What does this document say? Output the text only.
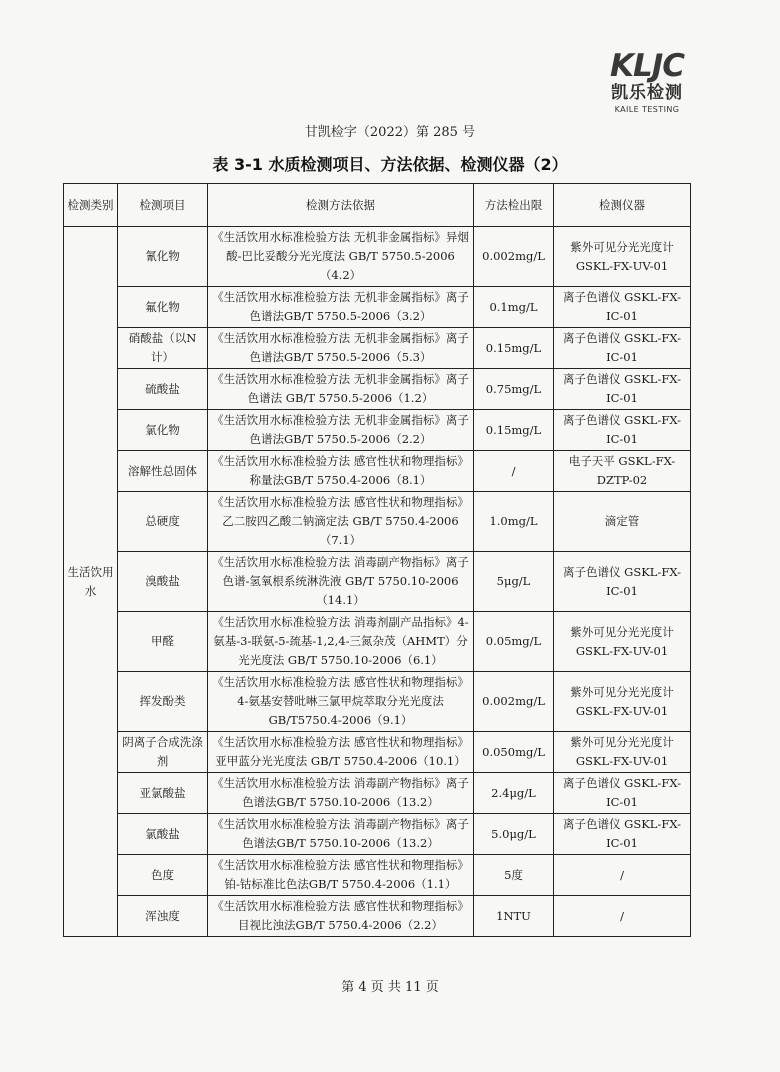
KLJC
凯乐检测
KAILE TESTING
甘凯检字（2022）第 285 号
表 3-1 水质检测项目、方法依据、检测仪器（2）
检测类别	检测项目	检测方法依据	方法检出限	检测仪器
生活饮用水	氰化物	《生活饮用水标准检验方法 无机非金属指标》异烟酸-巴比妥酸分光光度法 GB/T 5750.5-2006（4.2）	0.002mg/L	紫外可见分光光度计 GSKL-FX-UV-01
	氟化物	《生活饮用水标准检验方法 无机非金属指标》离子色谱法GB/T 5750.5-2006（3.2）	0.1mg/L	离子色谱仪 GSKL-FX-IC-01
	硝酸盐（以N计）	《生活饮用水标准检验方法 无机非金属指标》离子色谱法GB/T 5750.5-2006（5.3）	0.15mg/L	离子色谱仪 GSKL-FX-IC-01
	硫酸盐	《生活饮用水标准检验方法 无机非金属指标》离子色谱法 GB/T 5750.5-2006（1.2）	0.75mg/L	离子色谱仪 GSKL-FX-IC-01
	氯化物	《生活饮用水标准检验方法 无机非金属指标》离子色谱法GB/T 5750.5-2006（2.2）	0.15mg/L	离子色谱仪 GSKL-FX-IC-01
	溶解性总固体	《生活饮用水标准检验方法 感官性状和物理指标》称量法GB/T 5750.4-2006（8.1）	/	电子天平 GSKL-FX-DZTP-02
	总硬度	《生活饮用水标准检验方法 感官性状和物理指标》乙二胺四乙酸二钠滴定法 GB/T 5750.4-2006（7.1）	1.0mg/L	滴定管
	溴酸盐	《生活饮用水标准检验方法 消毒副产物指标》离子色谱-氢氧根系统淋洗液 GB/T 5750.10-2006（14.1）	5μg/L	离子色谱仪 GSKL-FX-IC-01
	甲醛	《生活饮用水标准检验方法 消毒剂副产品指标》4-氨基-3-联氨-5-巯基-1,2,4-三氮杂茂（AHMT）分光光度法 GB/T 5750.10-2006（6.1）	0.05mg/L	紫外可见分光光度计 GSKL-FX-UV-01
	挥发酚类	《生活饮用水标准检验方法 感官性状和物理指标》4-氨基安替吡啉三氯甲烷萃取分光光度法GB/T5750.4-2006（9.1）	0.002mg/L	紫外可见分光光度计 GSKL-FX-UV-01
	阴离子合成洗涤剂	《生活饮用水标准检验方法 感官性状和物理指标》亚甲蓝分光光度法 GB/T 5750.4-2006（10.1）	0.050mg/L	紫外可见分光光度计 GSKL-FX-UV-01
	亚氯酸盐	《生活饮用水标准检验方法 消毒副产物指标》离子色谱法GB/T 5750.10-2006（13.2）	2.4μg/L	离子色谱仪 GSKL-FX-IC-01
	氯酸盐	《生活饮用水标准检验方法 消毒副产物指标》离子色谱法GB/T 5750.10-2006（13.2）	5.0μg/L	离子色谱仪 GSKL-FX-IC-01
	色度	《生活饮用水标准检验方法 感官性状和物理指标》铂-钴标准比色法GB/T 5750.4-2006（1.1）	5度	/
	浑浊度	《生活饮用水标准检验方法 感官性状和物理指标》目视比浊法GB/T 5750.4-2006（2.2）	1NTU	/
第 4 页 共 11 页
